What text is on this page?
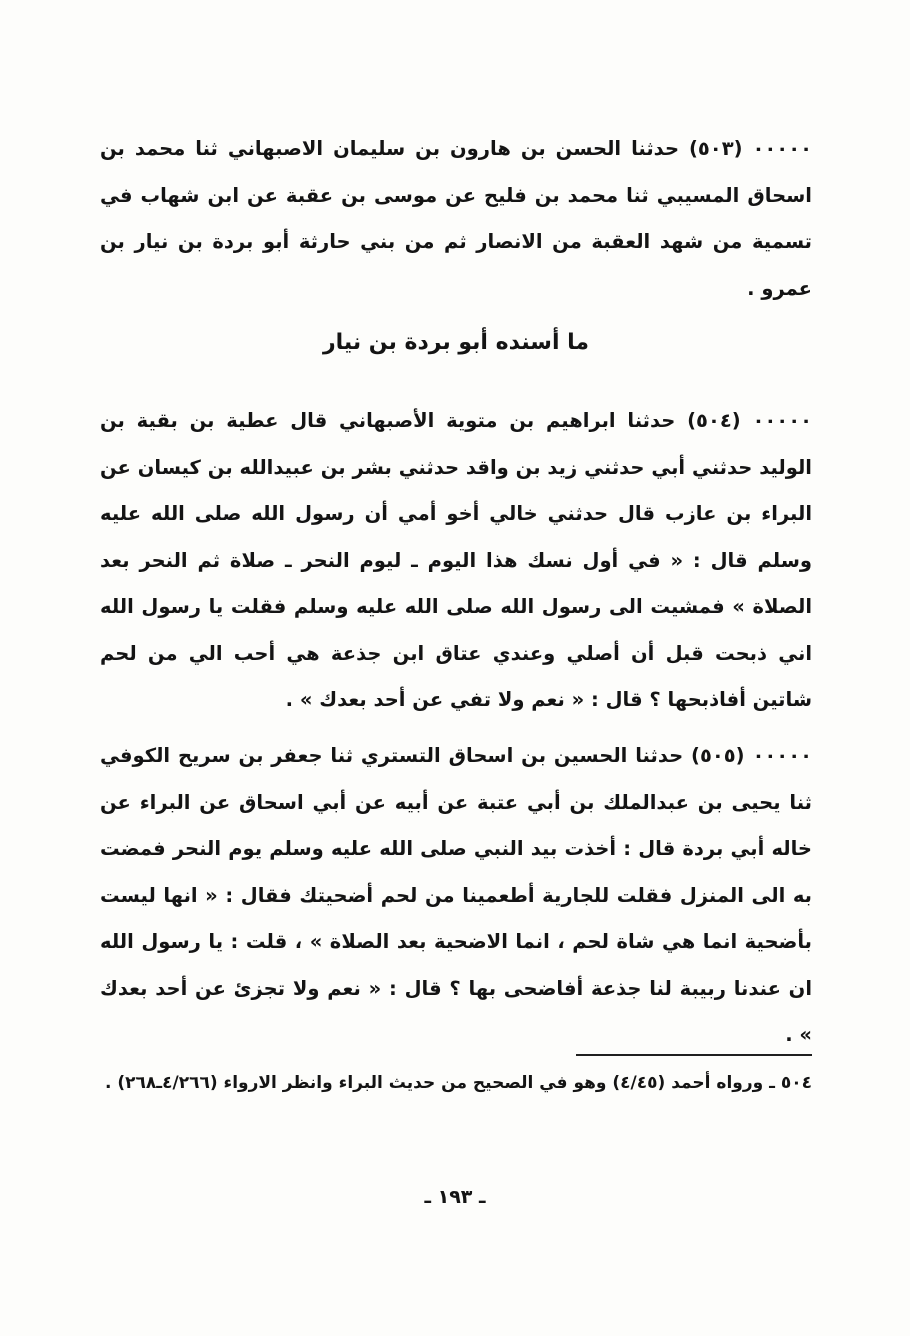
٠٠٠٠٠ (٥٠٣) حدثنا الحسن بن هارون بن سليمان الاصبهاني ثنا محمد بن اسحاق المسيبي ثنا محمد بن فليح عن موسى بن عقبة عن ابن شهاب في تسمية من شهد العقبة من الانصار ثم من بني حارثة أبو بردة بن نيار بن عمرو .

ما أسنده أبو بردة بن نيار

٠٠٠٠٠ (٥٠٤) حدثنا ابراهيم بن متوية الأصبهاني قال عطية بن بقية بن الوليد حدثني أبي حدثني زيد بن واقد حدثني بشر بن عبيدالله بن كيسان عن البراء بن عازب قال حدثني خالي أخو أمي أن رسول الله صلى الله عليه وسلم قال : « في أول نسك هذا اليوم ـ ليوم النحر ـ صلاة ثم النحر بعد الصلاة » فمشيت الى رسول الله صلى الله عليه وسلم فقلت يا رسول الله اني ذبحت قبل أن أصلي وعندي عتاق ابن جذعة هي أحب الي من لحم شاتين أفاذبحها ؟ قال : « نعم ولا تفي عن أحد بعدك » .

٠٠٠٠٠ (٥٠٥) حدثنا الحسين بن اسحاق التستري ثنا جعفر بن سريح الكوفي ثنا يحيى بن عبدالملك بن أبي عتبة عن أبيه عن أبي اسحاق عن البراء عن خاله أبي بردة قال : أخذت بيد النبي صلى الله عليه وسلم يوم النحر فمضت به الى المنزل فقلت للجارية أطعمينا من لحم أضحيتك فقال : « انها ليست بأضحية انما هي شاة لحم ، انما الاضحية بعد الصلاة » ، قلت : يا رسول الله ان عندنا ربيبة لنا جذعة أفاضحى بها ؟ قال : « نعم ولا تجزئ عن أحد بعدك » .

٥٠٤ ـ ورواه أحمد (٤/٤٥) وهو في الصحيح من حديث البراء وانظر الارواء (٤/٢٦٦ـ٢٦٨) .

ـ ١٩٣ ـ
